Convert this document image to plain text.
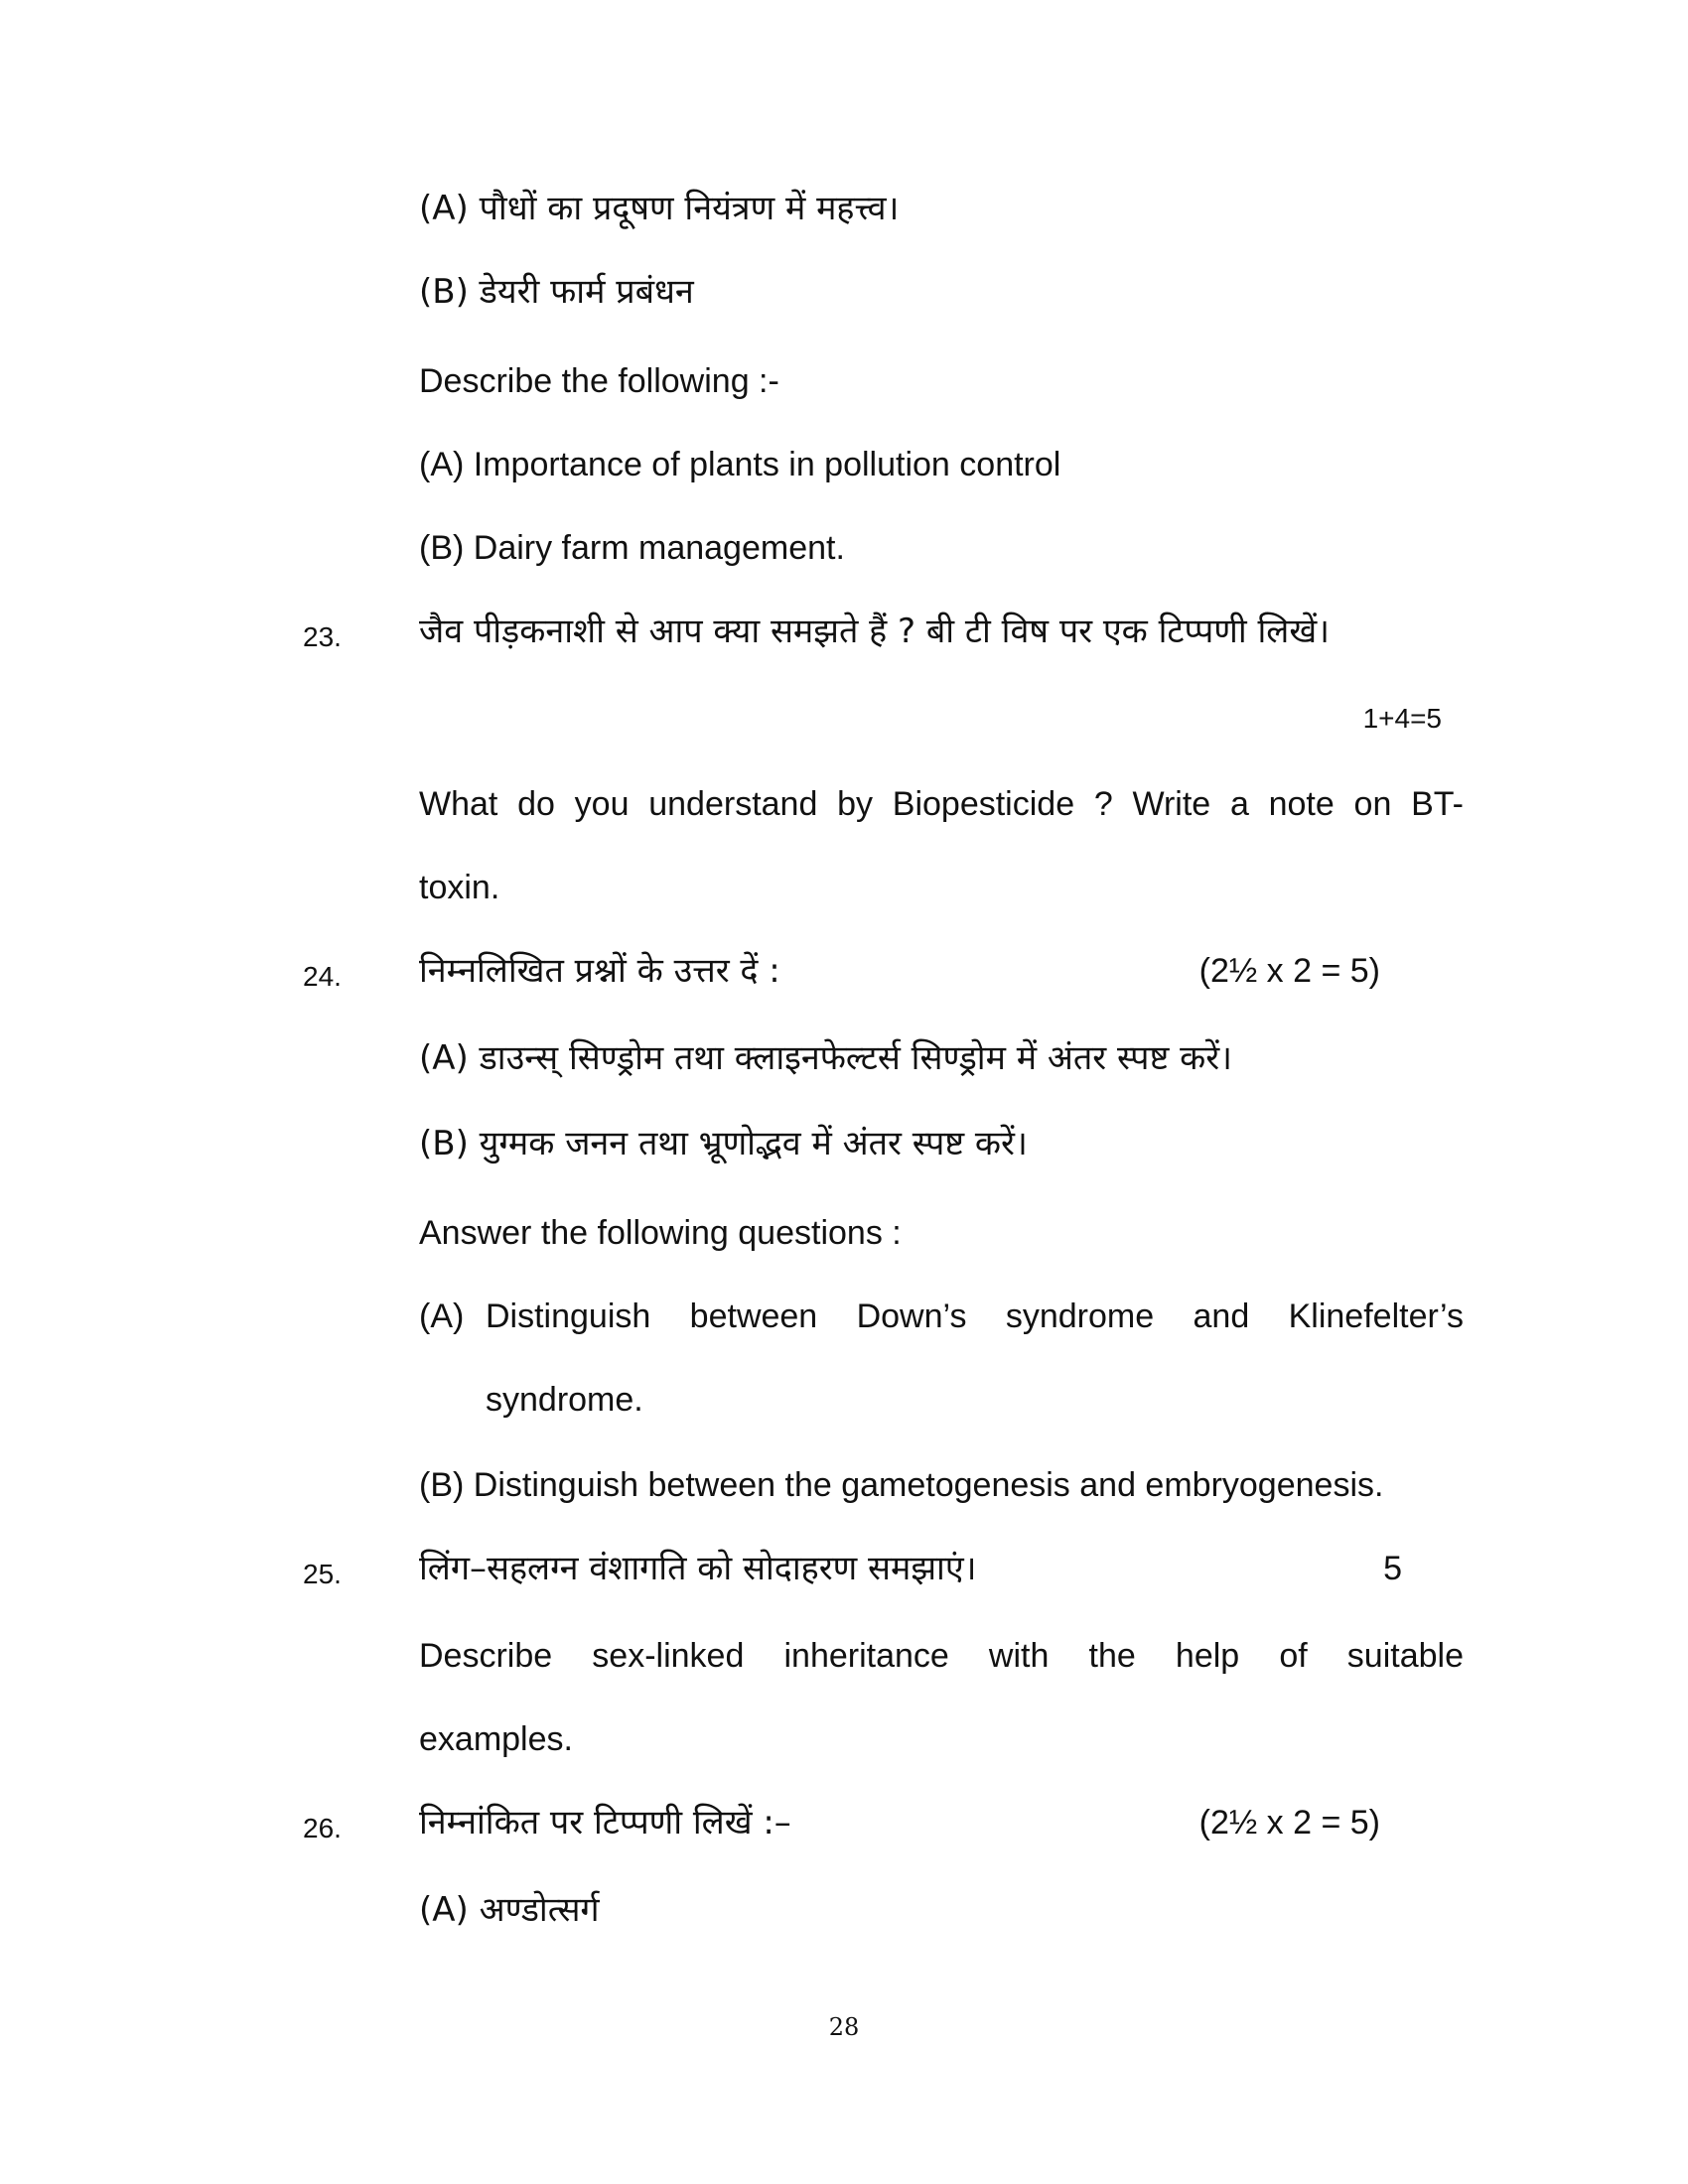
(A) पौधों का प्रदूषण नियंत्रण में महत्त्व।
(B) डेयरी फार्म प्रबंधन
Describe the following :-
(A) Importance of plants in pollution control
(B) Dairy farm management.
23. जैव पीड़कनाशी से आप क्या समझते हैं ? बी टी विष पर एक टिप्पणी लिखें।
1+4=5
What do you understand by Biopesticide ? Write a note on BT-
toxin.
24. निम्नलिखित प्रश्नों के उत्तर दें :	(2½ x 2 = 5)
(A) डाउन्स् सिण्ड्रोम तथा क्लाइनफेल्टर्स सिण्ड्रोम में अंतर स्पष्ट करें।
(B) युग्मक जनन तथा भ्रूणोद्भव में अंतर स्पष्ट करें।
Answer the following questions :
(A) Distinguish between Down’s syndrome and Klinefelter’s
syndrome.
(B) Distinguish between the gametogenesis and embryogenesis.
25. लिंग–सहलग्न वंशागति को सोदाहरण समझाएं।	5
Describe sex-linked inheritance with the help of suitable
examples.
26. निम्नांकित पर टिप्पणी लिखें :–	(2½ x 2 = 5)
(A) अण्डोत्सर्ग
28
